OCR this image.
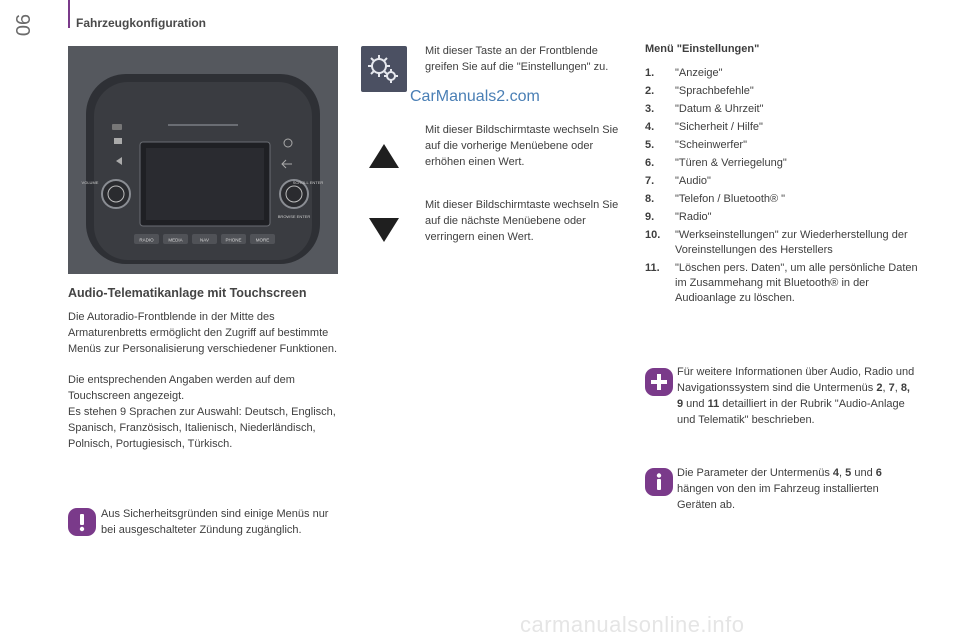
90	Fahrzeugkonfiguration
RADIO	MEDIA	NAV	PHONE	MORE
VOLUME	SCROLL ENTER
BROWSE ENTER
Audio-Telematikanlage mit Touchscreen
Die Autoradio-Frontblende in der Mitte des Armaturenbretts ermöglicht den Zugriff auf bestimmte Menüs zur Personalisierung verschiedener Funktionen.
Die entsprechenden Angaben werden auf dem Touchscreen angezeigt.
Es stehen 9 Sprachen zur Auswahl: Deutsch, Englisch, Spanisch, Französisch, Italienisch, Niederländisch, Polnisch, Portugiesisch, Türkisch.
Aus Sicherheitsgründen sind einige Menüs nur bei ausgeschalteter Zündung zugänglich.
Mit dieser Taste an der Frontblende greifen Sie auf die "Einstellungen" zu.
CarManuals2.com
Mit dieser Bildschirmtaste wechseln Sie auf die vorherige Menüebene oder erhöhen einen Wert.
Mit dieser Bildschirmtaste wechseln Sie auf die nächste Menüebene oder verringern einen Wert.
Menü "Einstellungen"
1.	"Anzeige"
2.	"Sprachbefehle"
3.	"Datum & Uhrzeit"
4.	"Sicherheit / Hilfe"
5.	"Scheinwerfer"
6.	"Türen & Verriegelung"
7.	"Audio"
8.	"Telefon / Bluetooth® "
9.	"Radio"
10.	"Werkseinstellungen" zur Wiederherstellung der Voreinstellungen des Herstellers
11.	"Löschen pers. Daten", um alle persönliche Daten im Zusammehang mit Bluetooth® in der Audioanlage zu löschen.
Für weitere Informationen über Audio, Radio und Navigationssystem sind die Untermenüs 2, 7, 8, 9 und 11 detailliert in der Rubrik "Audio-Anlage und Telematik" beschrieben.
Die Parameter der Untermenüs 4, 5 und 6 hängen von den im Fahrzeug installierten Geräten ab.
carmanualsonline.info
